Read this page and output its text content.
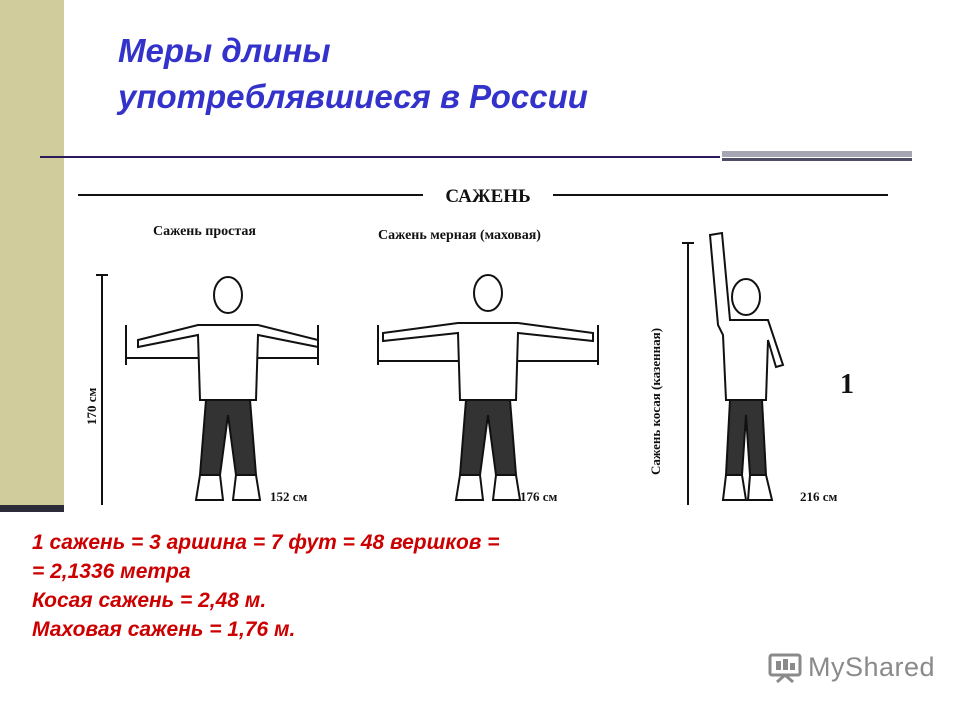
Меры длины
употреблявшиеся в России
САЖЕНЬ
Сажень простая	Сажень мерная (маховая)
170 см
152 см	176 см
Сажень косая (казенная)
216 см
1
1 сажень = 3 аршина = 7 фут = 48 вершков =
= 2,1336 метра
Косая сажень = 2,48 м.
Маховая сажень = 1,76 м.
MyShared
